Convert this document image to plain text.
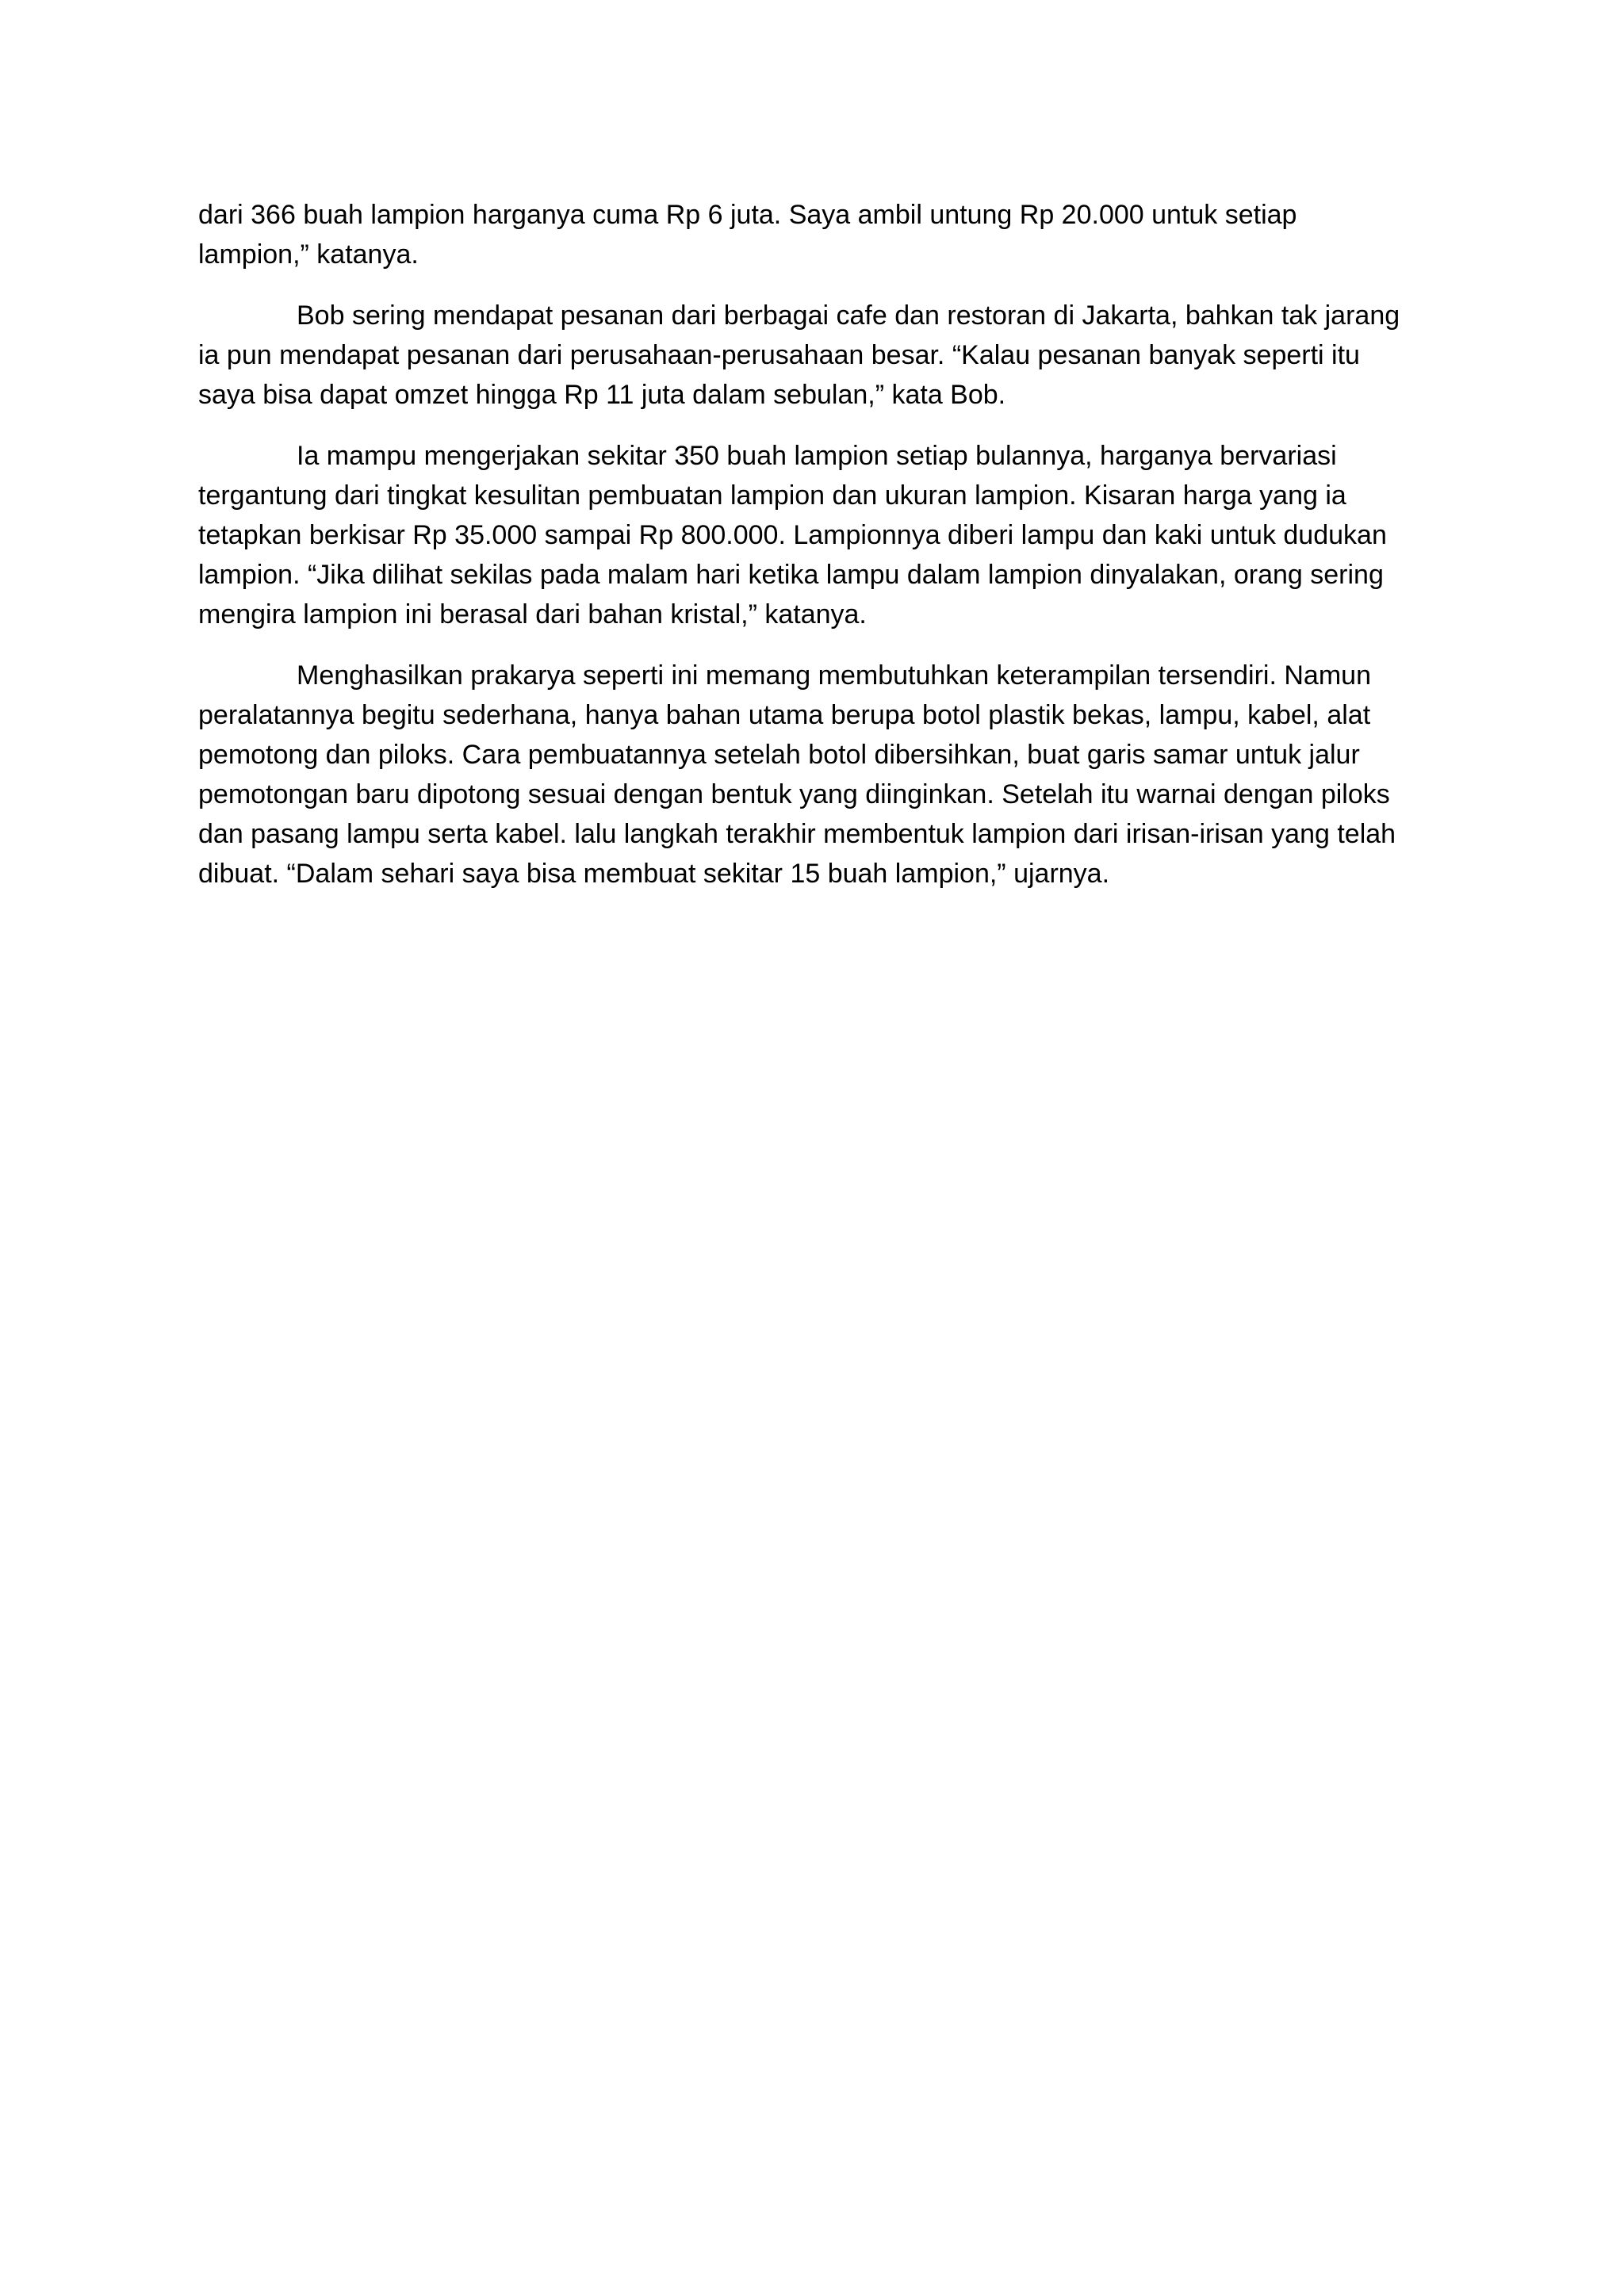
dari 366 buah lampion harganya cuma Rp 6 juta. Saya ambil untung Rp 20.000 untuk setiap
lampion,” katanya.

Bob sering mendapat pesanan dari berbagai cafe dan restoran di Jakarta, bahkan tak jarang
ia pun mendapat pesanan dari perusahaan-perusahaan besar. “Kalau pesanan banyak seperti itu
saya bisa dapat omzet hingga Rp 11 juta dalam sebulan,” kata Bob.

Ia mampu mengerjakan sekitar 350 buah lampion setiap bulannya, harganya bervariasi
tergantung dari tingkat kesulitan pembuatan lampion dan ukuran lampion. Kisaran harga yang ia
tetapkan berkisar Rp 35.000 sampai Rp 800.000. Lampionnya diberi lampu dan kaki untuk dudukan
lampion. “Jika dilihat sekilas pada malam hari ketika lampu dalam lampion dinyalakan, orang sering
mengira lampion ini berasal dari bahan kristal,” katanya.

Menghasilkan prakarya seperti ini memang membutuhkan keterampilan tersendiri. Namun
peralatannya begitu sederhana, hanya bahan utama berupa botol plastik bekas, lampu, kabel, alat
pemotong dan piloks. Cara pembuatannya setelah botol dibersihkan, buat garis samar untuk jalur
pemotongan baru dipotong sesuai dengan bentuk yang diinginkan. Setelah itu warnai dengan piloks
dan pasang lampu serta kabel. lalu langkah terakhir membentuk lampion dari irisan-irisan yang telah
dibuat. “Dalam sehari saya bisa membuat sekitar 15 buah lampion,” ujarnya.
